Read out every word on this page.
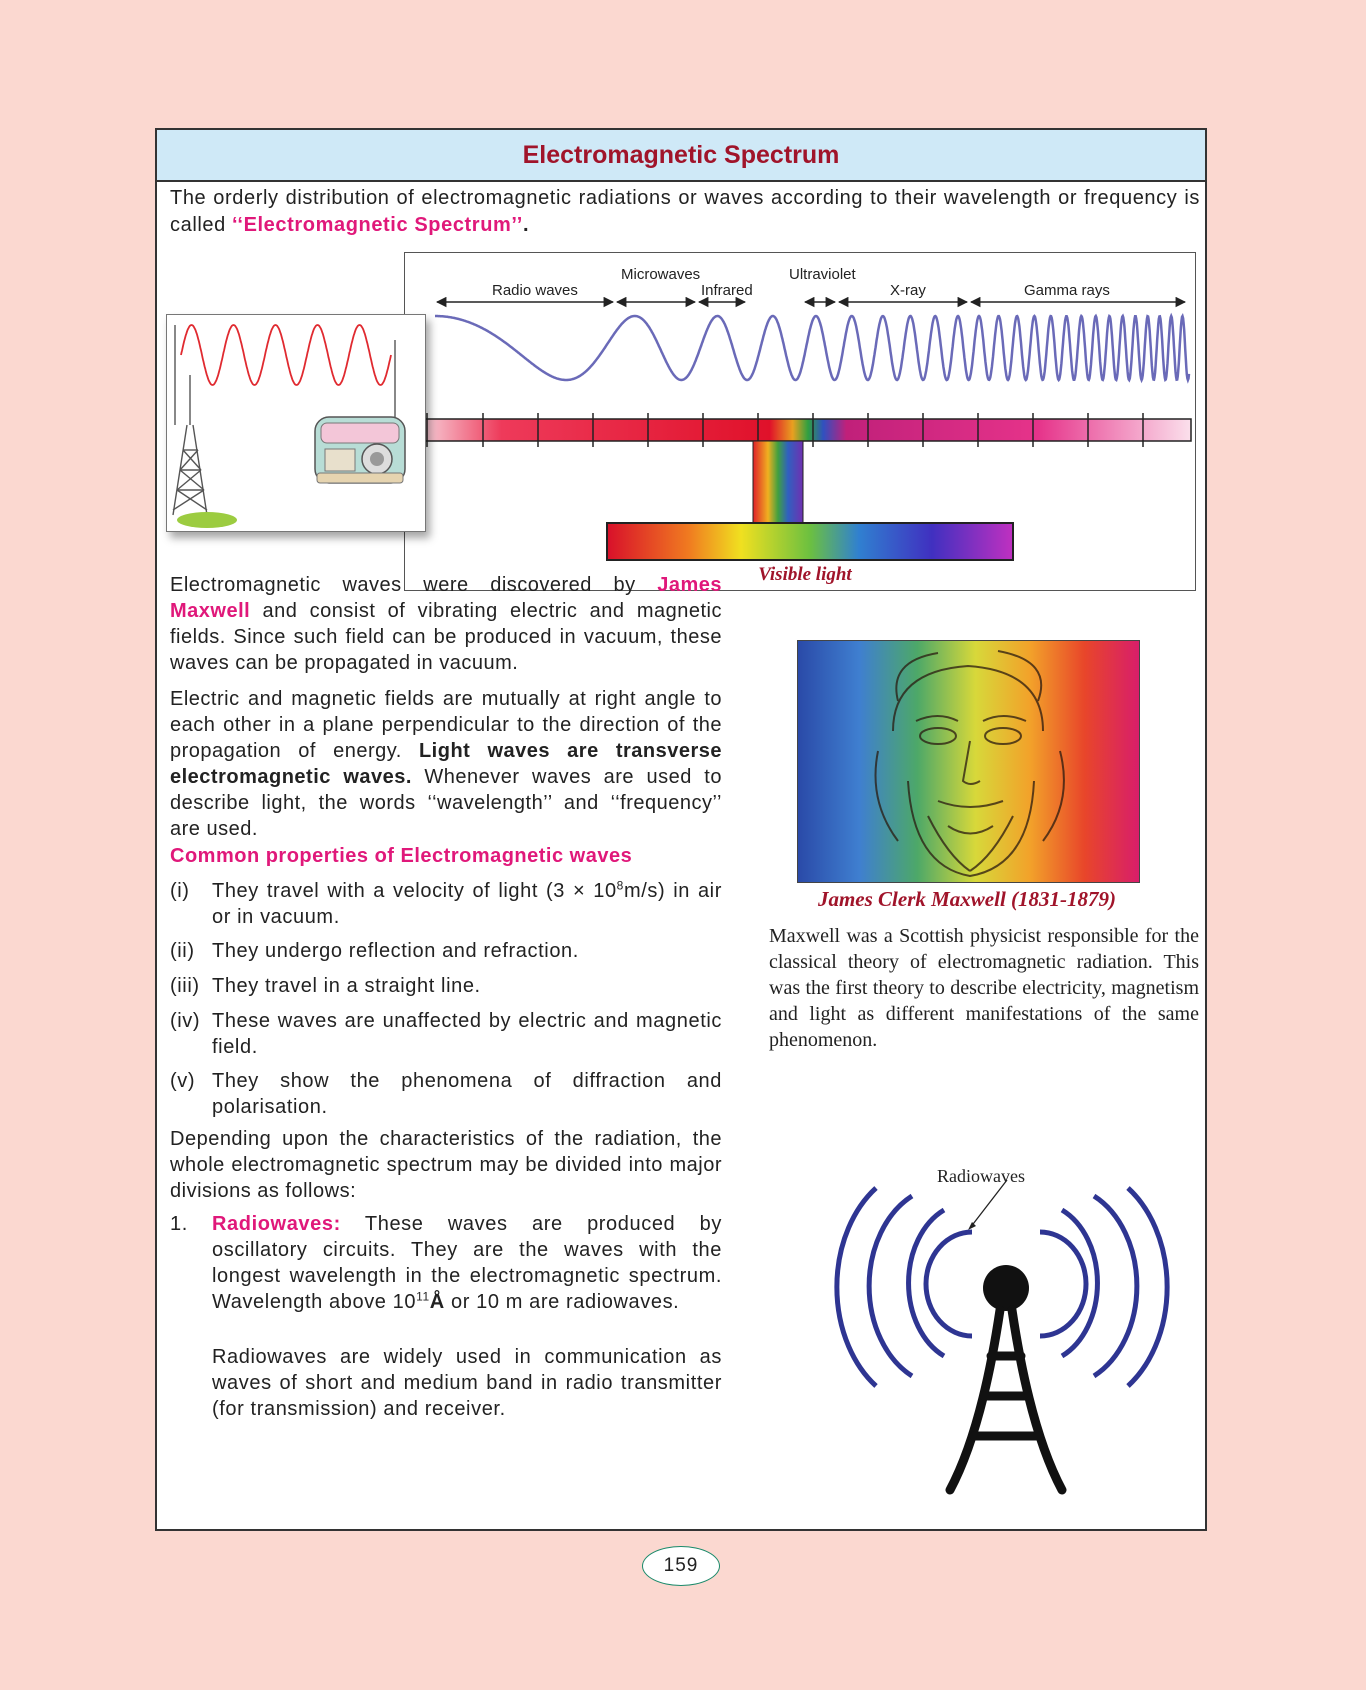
Electromagnetic Spectrum
The orderly distribution of electromagnetic radiations or waves according to their wavelength or frequency is called ‘‘Electromagnetic Spectrum’’.
Radio waves
Microwaves
Infrared
Ultraviolet
X-ray	Gamma rays
Visible light

Electromagnetic waves were discovered by James Maxwell and consist of vibrating electric and magnetic fields. Since such field can be produced in vacuum, these waves can be propagated in vacuum.

Electric and magnetic fields are mutually at right angle to each other in a plane perpendicular to the direction of the propagation of energy. Light waves are transverse electromagnetic waves. Whenever waves are used to describe light, the words ‘‘wavelength’’ and ‘‘frequency’’ are used.

Common properties of Electromagnetic waves
(i) They travel with a velocity of light $(3 \times 10^8m/s)$ in air or in vacuum.
(ii) They undergo reflection and refraction.
(iii) They travel in a straight line.
(iv) These waves are unaffected by electric and magnetic field.
(v) They show the phenomena of diffraction and polarisation.

Depending upon the characteristics of the radiation, the whole electromagnetic spectrum may be divided into major divisions as follows:

1. Radiowaves: These waves are produced by oscillatory circuits. They are the waves with the longest wavelength in the electromagnetic spectrum. Wavelength above $10^{11}Å$ or 10 m are radiowaves.
Radiowaves are widely used in communication as waves of short and medium band in radio transmitter (for transmission) and receiver.
James Clerk Maxwell (1831-1879)
Maxwell was a Scottish physicist responsible for the classical theory of electromagnetic radiation. This was the first theory to describe electricity, magnetism and light as different manifestations of the same phenomenon.
Radiowaves
159
